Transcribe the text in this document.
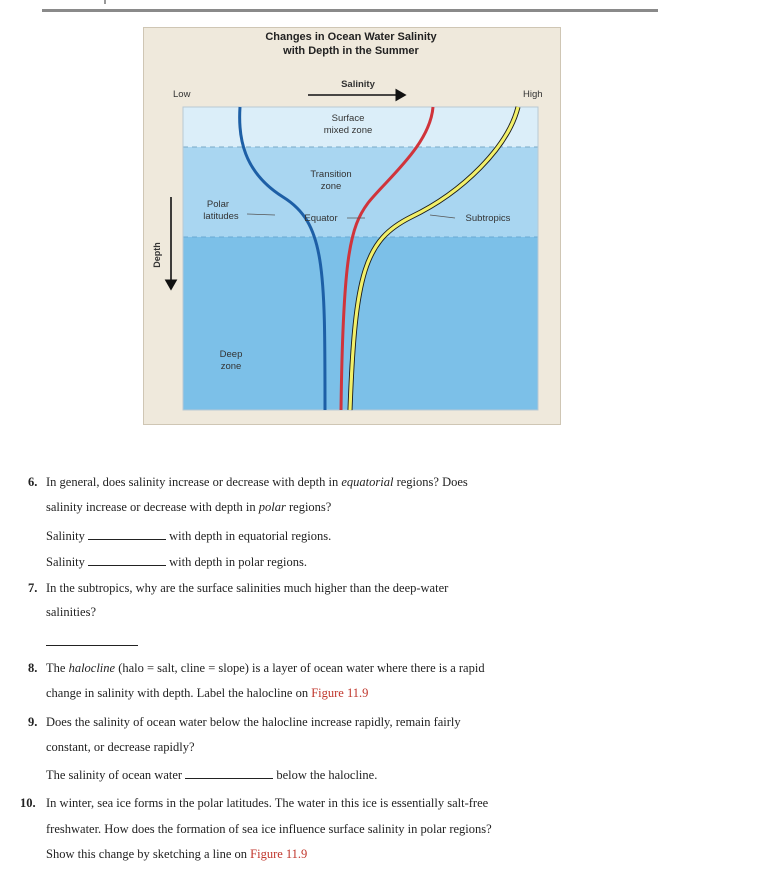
Changes in Ocean Water Salinity
with Depth in the Summer
Salinity
Low	High
Depth
Surface
mixed zone
Transition
zone
Deep
zone
Polar
latitudes	Equator	Subtropics
6. In general, does salinity increase or decrease with depth in equatorial regions? Does
salinity increase or decrease with depth in polar regions?
Salinity	with depth in equatorial regions.
Salinity	with depth in polar regions.
7. In the subtropics, why are the surface salinities much higher than the deep-water
salinities?
8. The halocline (halo = salt, cline = slope) is a layer of ocean water where there is a rapid
change in salinity with depth. Label the halocline on Figure 11.9
9. Does the salinity of ocean water below the halocline increase rapidly, remain fairly
constant, or decrease rapidly?
The salinity of ocean water	below the halocline.
10. In winter, sea ice forms in the polar latitudes. The water in this ice is essentially salt-free
freshwater. How does the formation of sea ice influence surface salinity in polar regions?
Show this change by sketching a line on Figure 11.9
